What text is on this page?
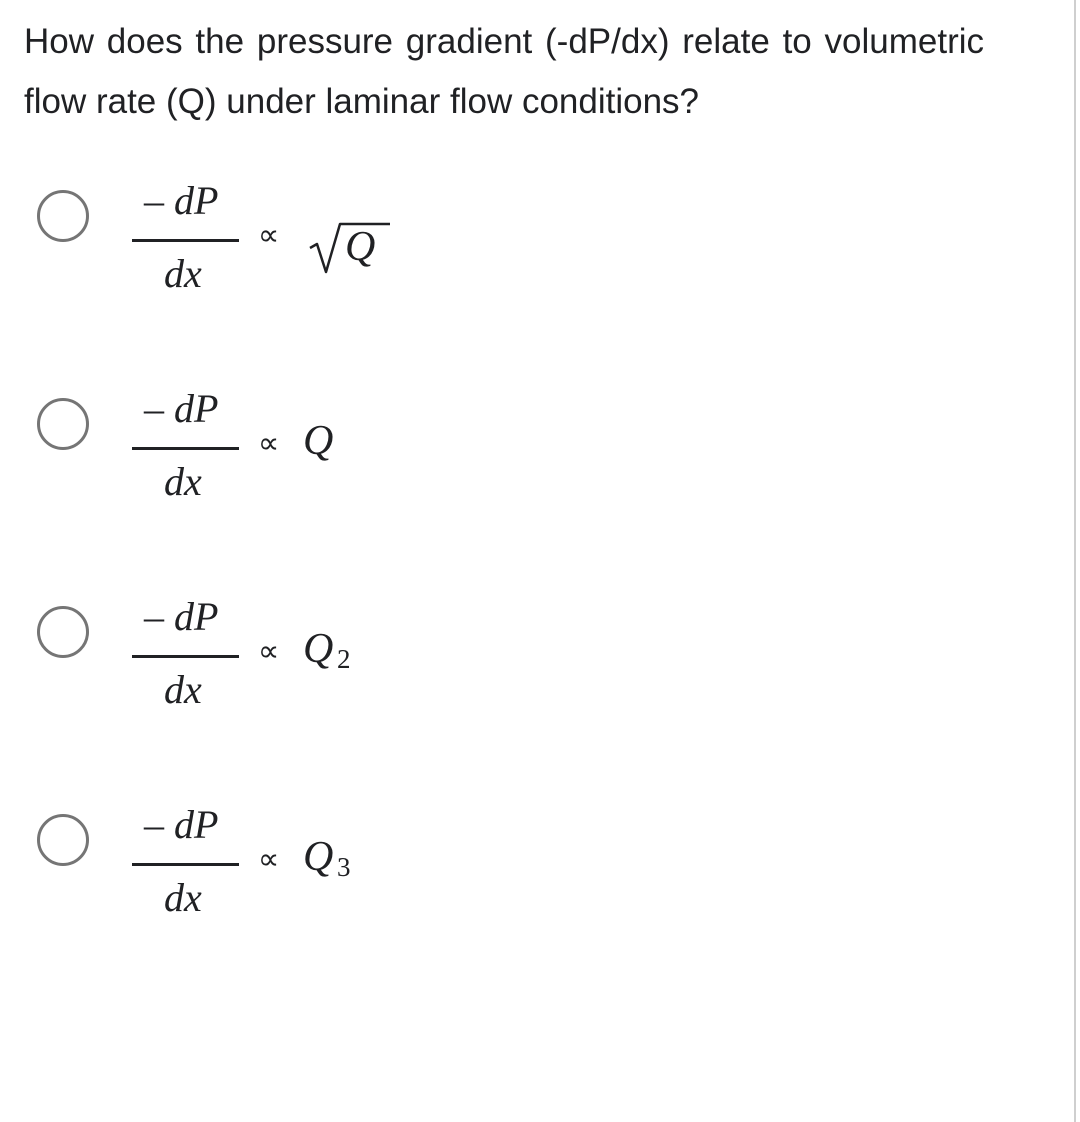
How does the pressure gradient (-dP/dx) relate to volumetric flow rate (Q) under laminar flow conditions?
– dP
dx
∝ Q
– dP
dx
∝ Q
– dP
dx
∝ Q 2
– dP
dx
∝ Q 3
